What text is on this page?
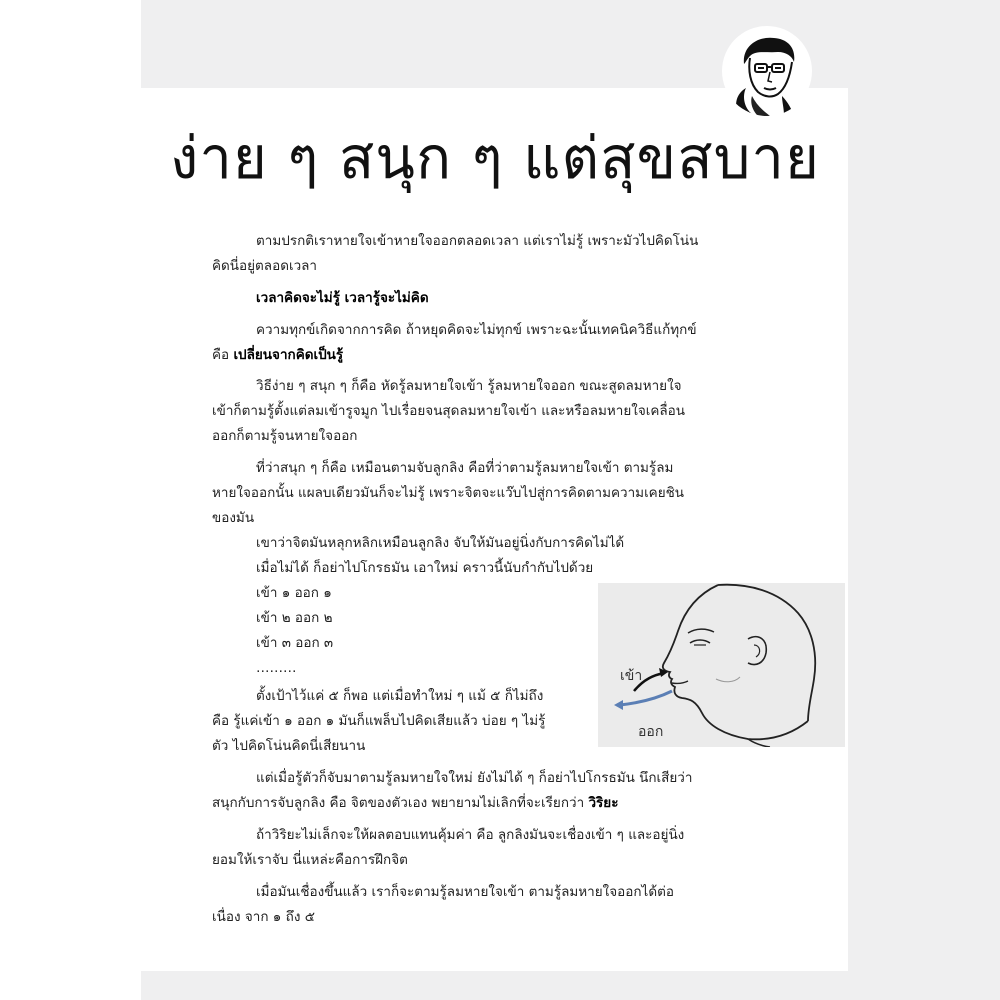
ง่าย ๆ สนุก ๆ แต่สุขสบาย
ตามปรกติเราหายใจเข้าหายใจออกตลอดเวลา แต่เราไม่รู้ เพราะมัวไปคิดโน่น
คิดนี่อยู่ตลอดเวลา
เวลาคิดจะไม่รู้ เวลารู้จะไม่คิด
ความทุกข์เกิดจากการคิด ถ้าหยุดคิดจะไม่ทุกข์ เพราะฉะนั้นเทคนิควิธีแก้ทุกข์
คือ เปลี่ยนจากคิดเป็นรู้
วิธีง่าย ๆ สนุก ๆ ก็คือ หัดรู้ลมหายใจเข้า รู้ลมหายใจออก ขณะสูดลมหายใจ
เข้าก็ตามรู้ตั้งแต่ลมเข้ารูจมูก ไปเรื่อยจนสุดลมหายใจเข้า และหรือลมหายใจเคลื่อน
ออกก็ตามรู้จนหายใจออก
ที่ว่าสนุก ๆ ก็คือ เหมือนตามจับลูกลิง คือที่ว่าตามรู้ลมหายใจเข้า ตามรู้ลม
หายใจออกนั้น แผลบเดียวมันก็จะไม่รู้ เพราะจิตจะแว๊บไปสู่การคิดตามความเคยชิน
ของมัน
เขาว่าจิตมันหลุกหลิกเหมือนลูกลิง จับให้มันอยู่นิ่งกับการคิดไม่ได้
เมื่อไม่ได้ ก็อย่าไปโกรธมัน เอาใหม่ คราวนี้นับกำกับไปด้วย
เข้า ๑ ออก ๑
เข้า ๒ ออก ๒
เข้า ๓ ออก ๓
………
ตั้งเป้าไว้แค่ ๕ ก็พอ แต่เมื่อทำใหม่ ๆ แม้ ๕ ก็ไม่ถึง
คือ รู้แค่เข้า ๑ ออก ๑ มันก็แพล็บไปคิดเสียแล้ว บ่อย ๆ ไม่รู้
ตัว ไปคิดโน่นคิดนี่เสียนาน
แต่เมื่อรู้ตัวก็จับมาตามรู้ลมหายใจใหม่ ยังไม่ได้ ๆ ก็อย่าไปโกรธมัน นึกเสียว่า
สนุกกับการจับลูกลิง คือ จิตของตัวเอง พยายามไม่เลิกที่จะเรียกว่า วิริยะ
ถ้าวิริยะไม่เล็กจะให้ผลตอบแทนคุ้มค่า คือ ลูกลิงมันจะเชื่องเข้า ๆ และอยู่นิ่ง
ยอมให้เราจับ นี่แหล่ะคือการฝึกจิต
เมื่อมันเชื่องขึ้นแล้ว เราก็จะตามรู้ลมหายใจเข้า ตามรู้ลมหายใจออกได้ต่อ
เนื่อง จาก ๑ ถึง ๕
เข้า
ออก
